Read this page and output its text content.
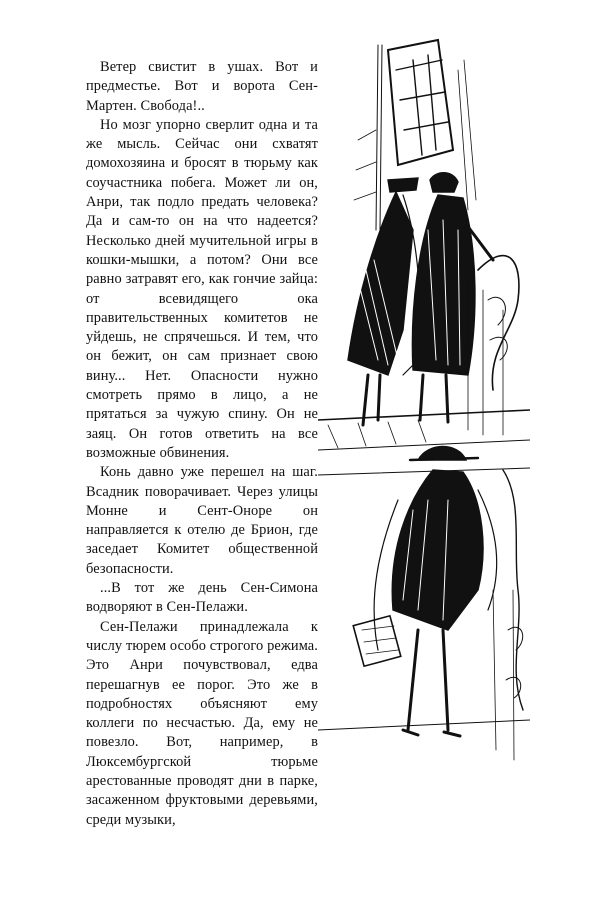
Ветер свистит в ушах. Вот и предместье. Вот и ворота Сен-Мартен. Свобода!..

Но мозг упорно сверлит одна и та же мысль. Сейчас они схватят домохозяина и бросят в тюрьму как соучастника побега. Может ли он, Анри, так подло предать человека? Да и сам-то он на что надеется? Несколько дней мучительной игры в кошки-мышки, а потом? Они все равно затравят его, как гончие зайца: от всевидящего ока правительственных комитетов не уйдешь, не спрячешься. И тем, что он бежит, он сам признает свою вину... Нет. Опасности нужно смотреть прямо в лицо, а не прятаться за чужую спину. Он не заяц. Он готов ответить на все возможные обвинения.

Конь давно уже перешел на шаг. Всадник поворачивает. Через улицы Монне и Сент-Оноре он направляется к отелю де Брион, где заседает Комитет общественной безопасности.

...В тот же день Сен-Симона водворяют в Сен-Пелажи.

Сен-Пелажи принадлежала к числу тюрем особо строгого режима. Это Анри почувствовал, едва перешагнув ее порог. Это же в подробностях объясняют ему коллеги по несчастью. Да, ему не повезло. Вот, например, в Люксембургской тюрьме арестованные проводят дни в парке, засаженном фруктовыми деревьями, среди музыки,
